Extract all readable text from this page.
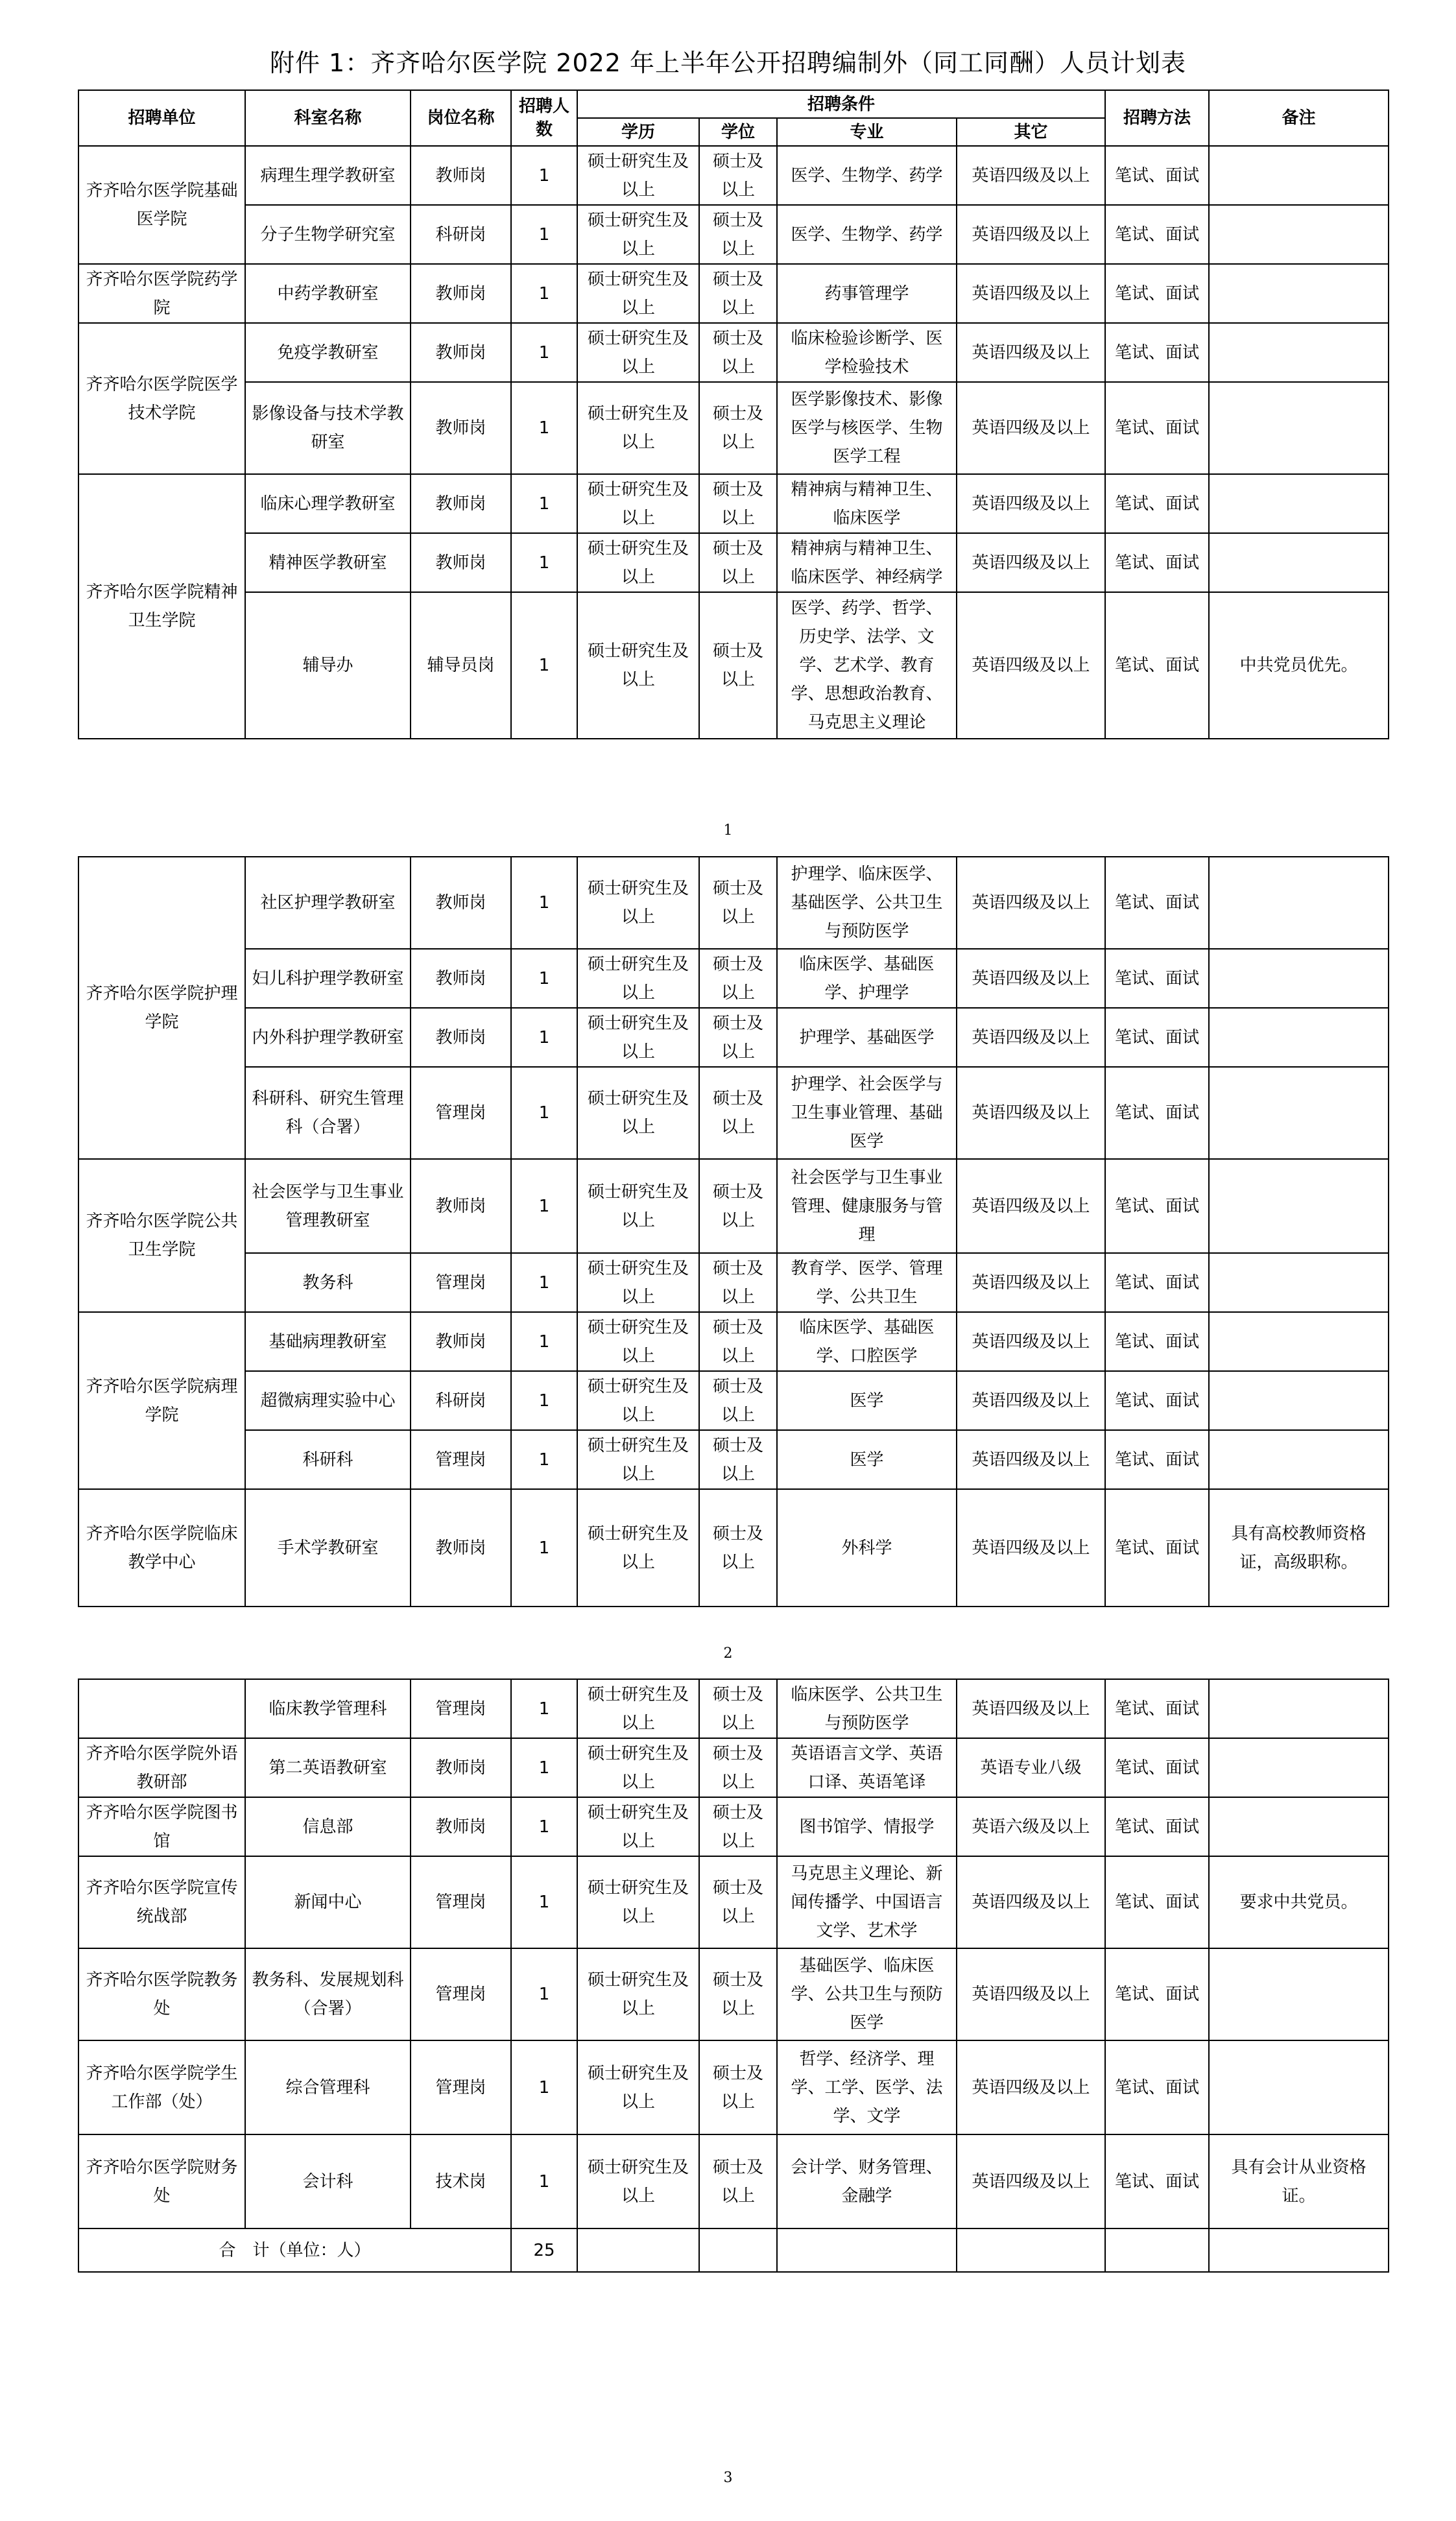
附件 1：齐齐哈尔医学院 2022 年上半年公开招聘编制外（同工同酬）人员计划表
招聘单位	科室名称	岗位名称	招聘人数	招聘条件				招聘方法	备注
				学历	学位	专业	其它		
齐齐哈尔医学院基础医学院	病理生理学教研室	教师岗	1	硕士研究生及以上	硕士及以上	医学、生物学、药学	英语四级及以上	笔试、面试	
	分子生物学研究室	科研岗	1	硕士研究生及以上	硕士及以上	医学、生物学、药学	英语四级及以上	笔试、面试	
齐齐哈尔医学院药学院	中药学教研室	教师岗	1	硕士研究生及以上	硕士及以上	药事管理学	英语四级及以上	笔试、面试	
齐齐哈尔医学院医学技术学院	免疫学教研室	教师岗	1	硕士研究生及以上	硕士及以上	临床检验诊断学、医学检验技术	英语四级及以上	笔试、面试	
	影像设备与技术学教研室	教师岗	1	硕士研究生及以上	硕士及以上	医学影像技术、影像医学与核医学、生物医学工程	英语四级及以上	笔试、面试	
齐齐哈尔医学院精神卫生学院	临床心理学教研室	教师岗	1	硕士研究生及以上	硕士及以上	精神病与精神卫生、临床医学	英语四级及以上	笔试、面试	
	精神医学教研室	教师岗	1	硕士研究生及以上	硕士及以上	精神病与精神卫生、临床医学、神经病学	英语四级及以上	笔试、面试	
	辅导办	辅导员岗	1	硕士研究生及以上	硕士及以上	医学、药学、哲学、历史学、法学、文学、艺术学、教育学、思想政治教育、马克思主义理论	英语四级及以上	笔试、面试	中共党员优先。
1
齐齐哈尔医学院护理学院	社区护理学教研室	教师岗	1	硕士研究生及以上	硕士及以上	护理学、临床医学、基础医学、公共卫生与预防医学	英语四级及以上	笔试、面试	
	妇儿科护理学教研室	教师岗	1	硕士研究生及以上	硕士及以上	临床医学、基础医学、护理学	英语四级及以上	笔试、面试	
	内外科护理学教研室	教师岗	1	硕士研究生及以上	硕士及以上	护理学、基础医学	英语四级及以上	笔试、面试	
	科研科、研究生管理科（合署）	管理岗	1	硕士研究生及以上	硕士及以上	护理学、社会医学与卫生事业管理、基础医学	英语四级及以上	笔试、面试	
齐齐哈尔医学院公共卫生学院	社会医学与卫生事业管理教研室	教师岗	1	硕士研究生及以上	硕士及以上	社会医学与卫生事业管理、健康服务与管理	英语四级及以上	笔试、面试	
	教务科	管理岗	1	硕士研究生及以上	硕士及以上	教育学、医学、管理学、公共卫生	英语四级及以上	笔试、面试	
齐齐哈尔医学院病理学院	基础病理教研室	教师岗	1	硕士研究生及以上	硕士及以上	临床医学、基础医学、口腔医学	英语四级及以上	笔试、面试	
	超微病理实验中心	科研岗	1	硕士研究生及以上	硕士及以上	医学	英语四级及以上	笔试、面试	
	科研科	管理岗	1	硕士研究生及以上	硕士及以上	医学	英语四级及以上	笔试、面试	
齐齐哈尔医学院临床教学中心	手术学教研室	教师岗	1	硕士研究生及以上	硕士及以上	外科学	英语四级及以上	笔试、面试	具有高校教师资格证，高级职称。
2
	临床教学管理科	管理岗	1	硕士研究生及以上	硕士及以上	临床医学、公共卫生与预防医学	英语四级及以上	笔试、面试	
齐齐哈尔医学院外语教研部	第二英语教研室	教师岗	1	硕士研究生及以上	硕士及以上	英语语言文学、英语口译、英语笔译	英语专业八级	笔试、面试	
齐齐哈尔医学院图书馆	信息部	教师岗	1	硕士研究生及以上	硕士及以上	图书馆学、情报学	英语六级及以上	笔试、面试	
齐齐哈尔医学院宣传统战部	新闻中心	管理岗	1	硕士研究生及以上	硕士及以上	马克思主义理论、新闻传播学、中国语言文学、艺术学	英语四级及以上	笔试、面试	要求中共党员。
齐齐哈尔医学院教务处	教务科、发展规划科（合署）	管理岗	1	硕士研究生及以上	硕士及以上	基础医学、临床医学、公共卫生与预防医学	英语四级及以上	笔试、面试	
齐齐哈尔医学院学生工作部（处）	综合管理科	管理岗	1	硕士研究生及以上	硕士及以上	哲学、经济学、理学、工学、医学、法学、文学	英语四级及以上	笔试、面试	
齐齐哈尔医学院财务处	会计科	技术岗	1	硕士研究生及以上	硕士及以上	会计学、财务管理、金融学	英语四级及以上	笔试、面试	具有会计从业资格证。
合　计（单位：人）			25						
3
